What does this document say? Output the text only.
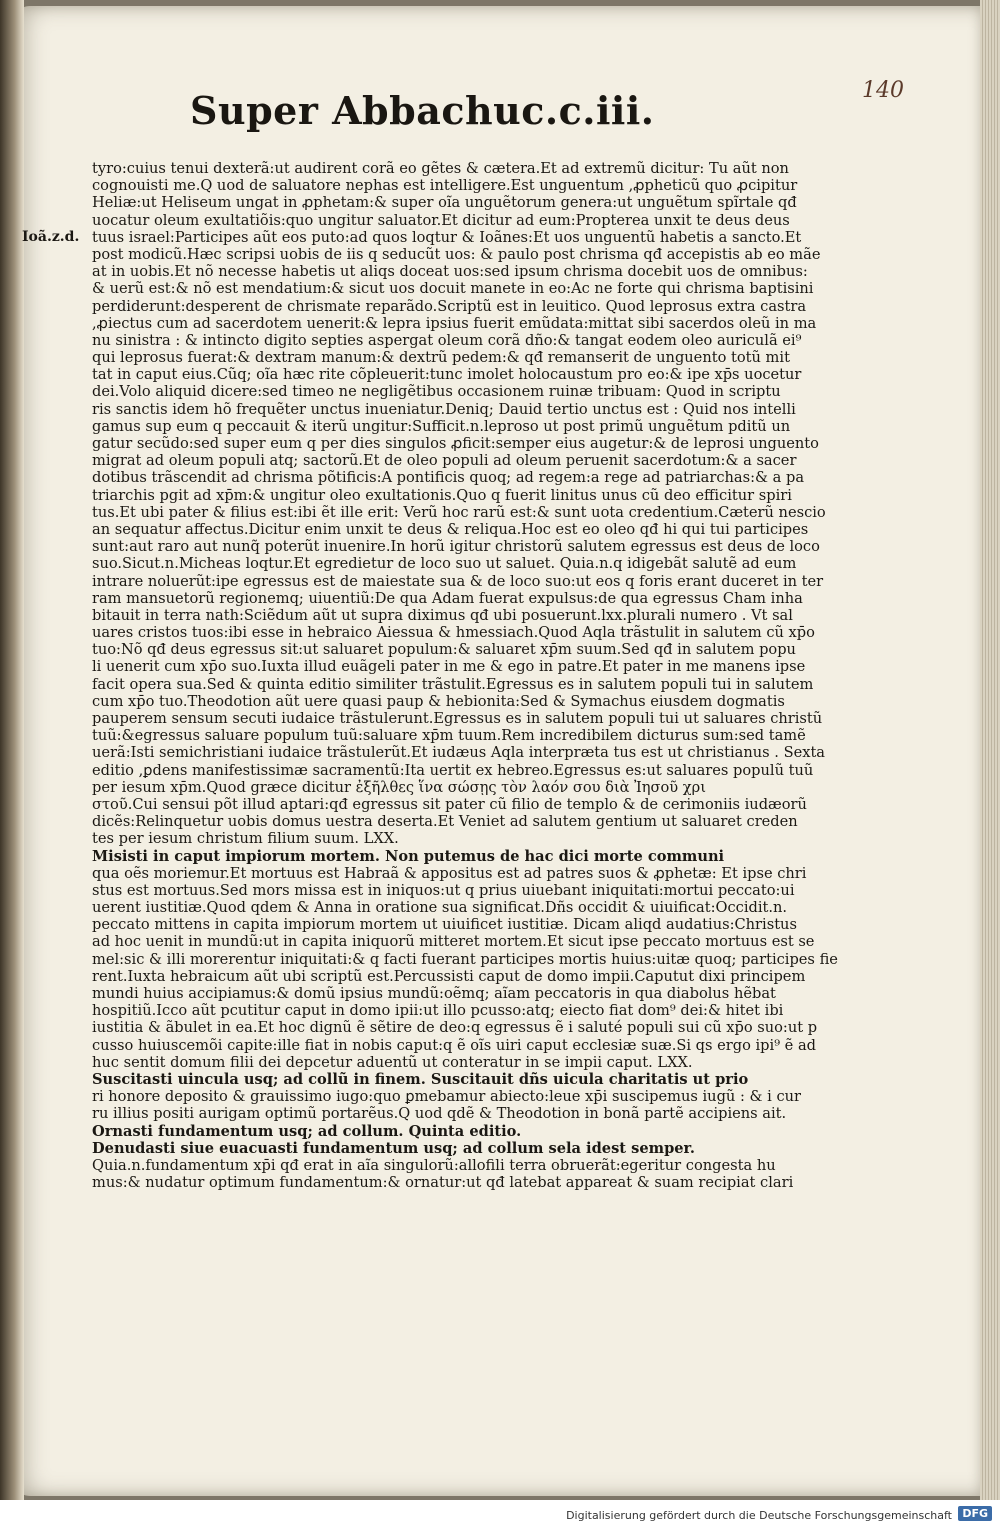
Super Abbachuc.c.iii.	140
Ioã.z.d.
tyro:cuius tenui dexterã:ut audirent corã eo gẽtes & cætera.Et ad extremũ dicitur: Tu aũt non
cognouisti me.Q uod de saluatore nephas est intelligere.Est unguentum ,ꝓpheticũ quo ꝓcipitur
Heliæ:ut Heliseum ungat in ꝓphetam:& super oĩa unguẽtorum genera:ut unguẽtum spĩrtale qđ
uocatur oleum exultatiõis:quo ungitur saluator.Et dicitur ad eum:Propterea unxit te deus deus
tuus israel:Participes aũt eos puto:ad quos loqtur & Ioãnes:Et uos unguentũ habetis a sancto.Et
post modicũ.Hæc scripsi uobis de iis q seducũt uos: & paulo post chrisma qđ accepistis ab eo mãe
at in uobis.Et nõ necesse habetis ut aliqs doceat uos:sed ipsum chrisma docebit uos de omnibus:
& uerũ est:& nõ est mendatium:& sicut uos docuit manete in eo:Ac ne forte qui chrisma baptisini
perdiderunt:desperent de chrismate reparãdo.Scriptũ est in leuitico. Quod leprosus extra castra
,ꝓiectus cum ad sacerdotem uenerit:& lepra ipsius fuerit emũdata:mittat sibi sacerdos oleũ in ma
nu sinistra : & intincto digito septies aspergat oleum corã dño:& tangat eodem oleo auriculã ei⁹
qui leprosus fuerat:& dextram manum:& dextrũ pedem:& qđ remanserit de unguento totũ mit
tat in caput eius.Cũq; oĩa hæc rite cõpleuerit:tunc imolet holocaustum pro eo:& ipe xp̄s uocetur
dei.Volo aliquid dicere:sed timeo ne negligẽtibus occasionem ruinæ tribuam: Quod in scriptu
ris sanctis idem hõ frequẽter unctus inueniatur.Deniq; Dauid tertio unctus est : Quid nos intelli
gamus sup eum q peccauit & iterũ ungitur:Sufficit.n.leproso ut post primũ unguẽtum pditũ un
gatur secũdo:sed super eum q per dies singulos ꝓficit:semper eius augetur:& de leprosi unguento
migrat ad oleum populi atq; sactorũ.Et de oleo populi ad oleum peruenit sacerdotum:& a sacer
dotibus trãscendit ad chrisma põtificis:A pontificis quoq; ad regem:a rege ad patriarchas:& a pa
triarchis pgit ad xp̄m:& ungitur oleo exultationis.Quo q fuerit linitus unus cũ deo efficitur spiri
tus.Et ubi pater & filius est:ibi ẽt ille erit: Verũ hoc rarũ est:& sunt uota credentium.Cæterũ nescio
an sequatur affectus.Dicitur enim unxit te deus & reliqua.Hoc est eo oleo qđ hi qui tui participes
sunt:aut raro aut nunq̃ poterũt inuenire.In horũ igitur christorũ salutem egressus est deus de loco
suo.Sicut.n.Micheas loqtur.Et egredietur de loco suo ut saluet. Quia.n.q idigebãt salutẽ ad eum
intrare noluerũt:ipe egressus est de maiestate sua & de loco suo:ut eos q foris erant duceret in ter
ram mansuetorũ regionemq; uiuentiũ:De qua Adam fuerat expulsus:de qua egressus Cham inha
bitauit in terra nath:Sciẽdum aũt ut supra diximus qđ ubi posuerunt.lxx.plurali numero . Vt sal
uares cristos tuos:ibi esse in hebraico Aiessua & hmessiach.Quod Aqla trãstulit in salutem cũ xp̄o
tuo:Nõ qđ deus egressus sit:ut saluaret populum:& saluaret xp̄m suum.Sed qđ in salutem popu
li uenerit cum xp̄o suo.Iuxta illud euãgeli pater in me & ego in patre.Et pater in me manens ipse
facit opera sua.Sed & quinta editio similiter trãstulit.Egressus es in salutem populi tui in salutem
cum xp̄o tuo.Theodotion aũt uere quasi paup & hebionita:Sed & Symachus eiusdem dogmatis
pauperem sensum secuti iudaice trãstulerunt.Egressus es in salutem populi tui ut saluares christũ
tuũ:&egressus saluare populum tuũ:saluare xp̄m tuum.Rem incredibilem dicturus sum:sed tamẽ
uerã:Isti semichristiani iudaice trãstulerũt.Et iudæus Aqla interpræta tus est ut christianus . Sexta
editio ,ꝑdens manifestissimæ sacramentũ:Ita uertit ex hebreo.Egressus es:ut saluares populũ tuũ
per iesum xp̄m.Quod græce dicitur ἐξῆλθες ἵνα σώσῃς τὸν λαόν σου διὰ Ἰησοῦ χρι
στοῦ.Cui sensui põt illud aptari:qđ egressus sit pater cũ filio de templo & de cerimoniis iudæorũ
dicẽs:Relinquetur uobis domus uestra deserta.Et Veniet ad salutem gentium ut saluaret creden
tes per iesum christum filium suum. LXX.
Misisti in caput impiorum mortem. Non putemus de hac dici morte communi
qua oẽs moriemur.Et mortuus est Habraã & appositus est ad patres suos & ꝓphetæ: Et ipse chri
stus est mortuus.Sed mors missa est in iniquos:ut q prius uiuebant iniquitati:mortui peccato:ui
uerent iustitiæ.Quod qdem & Anna in oratione sua significat.Dñs occidit & uiuificat:Occidit.n.
peccato mittens in capita impiorum mortem ut uiuificet iustitiæ. Dicam aliqd audatius:Christus
ad hoc uenit in mundũ:ut in capita iniquorũ mitteret mortem.Et sicut ipse peccato mortuus est se
mel:sic & illi morerentur iniquitati:& q facti fuerant participes mortis huius:uitæ quoq; participes fie
rent.Iuxta hebraicum aũt ubi scriptũ est.Percussisti caput de domo impii.Caputut dixi principem
mundi huius accipiamus:& domũ ipsius mundũ:oẽmq; aĩam peccatoris in qua diabolus hẽbat
hospitiũ.Icco aũt pcutitur caput in domo ipii:ut illo pcusso:atq; eiecto fiat dom⁹ dei:& hitet ibi
iustitia & ãbulet in ea.Et hoc dignũ ẽ sẽtire de deo:q egressus ẽ i saluté populi sui cũ xp̄o suo:ut p
cusso huiuscemõi capite:ille fiat in nobis caput:q ẽ oĩs uiri caput ecclesiæ suæ.Si qs ergo ipi⁹ ẽ ad
huc sentit domum filii dei depcetur aduentũ ut conteratur in se impii caput. LXX.
Suscitasti uincula usq; ad collũ in finem. Suscitauit dñs uicula charitatis ut prio
ri honore deposito & grauissimo iugo:quo ꝑmebamur abiecto:leue xp̄i suscipemus iugũ : & i cur
ru illius positi aurigam optimũ portarẽus.Q uod qdẽ & Theodotion in bonã partẽ accipiens ait.
Ornasti fundamentum usq; ad collum. Quinta editio.
Denudasti siue euacuasti fundamentum usq; ad collum sela idest semper.
Quia.n.fundamentum xp̄i qđ erat in aĩa singulorũ:allofili terra obruerãt:egeritur congesta hu
mus:& nudatur optimum fundamentum:& ornatur:ut qđ latebat appareat & suam recipiat clari
Digitalisierung gefördert durch die Deutsche Forschungsgemeinschaft DFG
